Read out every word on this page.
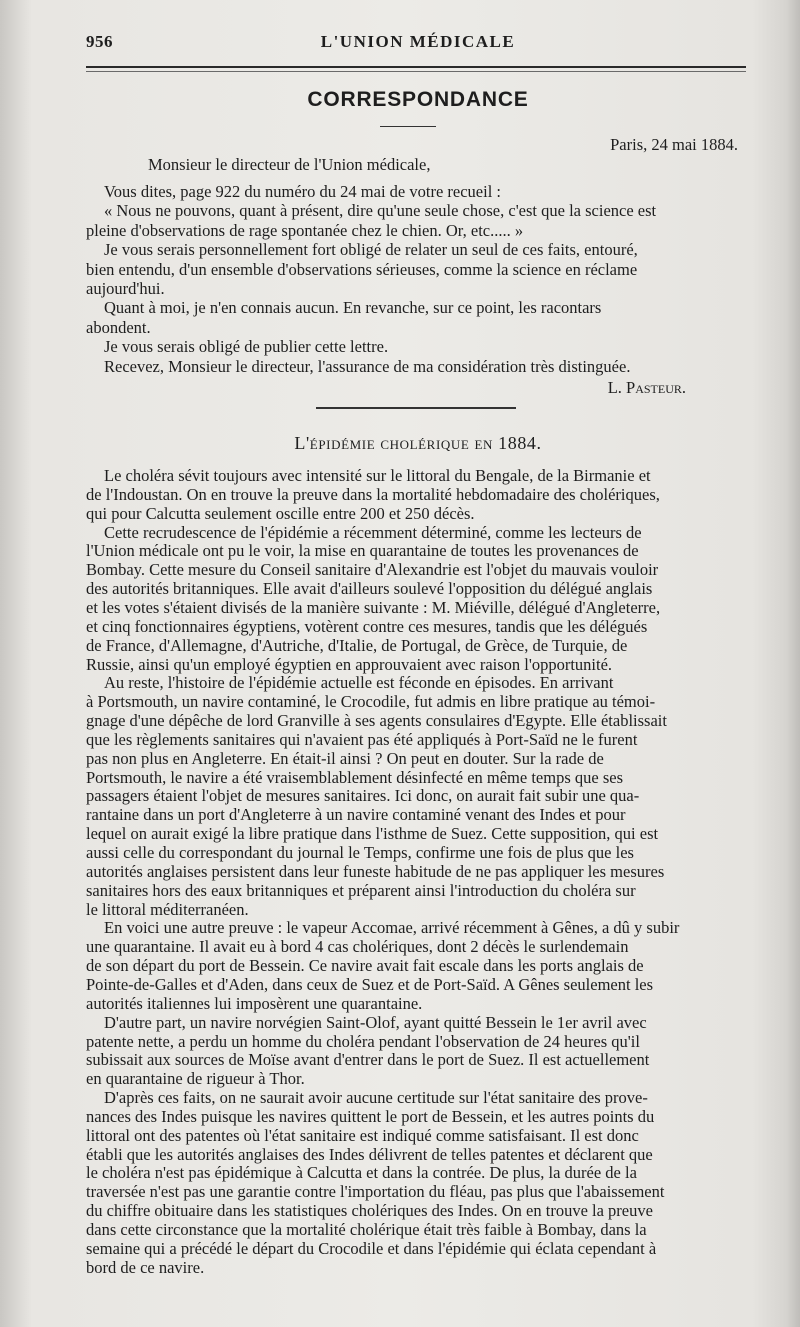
956	L'UNION MÉDICALE
CORRESPONDANCE
Paris, 24 mai 1884.
Monsieur le directeur de l'Union médicale,
Vous dites, page 922 du numéro du 24 mai de votre recueil :
« Nous ne pouvons, quant à présent, dire qu'une seule chose, c'est que la science est
pleine d'observations de rage spontanée chez le chien. Or, etc..... »
Je vous serais personnellement fort obligé de relater un seul de ces faits, entouré,
bien entendu, d'un ensemble d'observations sérieuses, comme la science en réclame
aujourd'hui.
Quant à moi, je n'en connais aucun. En revanche, sur ce point, les racontars
abondent.
Je vous serais obligé de publier cette lettre.
Recevez, Monsieur le directeur, l'assurance de ma considération très distinguée.
L. Pasteur.
L'épidémie cholérique en 1884.
Le choléra sévit toujours avec intensité sur le littoral du Bengale, de la Birmanie et
de l'Indoustan. On en trouve la preuve dans la mortalité hebdomadaire des cholériques,
qui pour Calcutta seulement oscille entre 200 et 250 décès.
Cette recrudescence de l'épidémie a récemment déterminé, comme les lecteurs de
l'Union médicale ont pu le voir, la mise en quarantaine de toutes les provenances de
Bombay. Cette mesure du Conseil sanitaire d'Alexandrie est l'objet du mauvais vouloir
des autorités britanniques. Elle avait d'ailleurs soulevé l'opposition du délégué anglais
et les votes s'étaient divisés de la manière suivante : M. Miéville, délégué d'Angleterre,
et cinq fonctionnaires égyptiens, votèrent contre ces mesures, tandis que les délégués
de France, d'Allemagne, d'Autriche, d'Italie, de Portugal, de Grèce, de Turquie, de
Russie, ainsi qu'un employé égyptien en approuvaient avec raison l'opportunité.
Au reste, l'histoire de l'épidémie actuelle est féconde en épisodes. En arrivant
à Portsmouth, un navire contaminé, le Crocodile, fut admis en libre pratique au témoi-
gnage d'une dépêche de lord Granville à ses agents consulaires d'Egypte. Elle établissait
que les règlements sanitaires qui n'avaient pas été appliqués à Port-Saïd ne le furent
pas non plus en Angleterre. En était-il ainsi ? On peut en douter. Sur la rade de
Portsmouth, le navire a été vraisemblablement désinfecté en même temps que ses
passagers étaient l'objet de mesures sanitaires. Ici donc, on aurait fait subir une qua-
rantaine dans un port d'Angleterre à un navire contaminé venant des Indes et pour
lequel on aurait exigé la libre pratique dans l'isthme de Suez. Cette supposition, qui est
aussi celle du correspondant du journal le Temps, confirme une fois de plus que les
autorités anglaises persistent dans leur funeste habitude de ne pas appliquer les mesures
sanitaires hors des eaux britanniques et préparent ainsi l'introduction du choléra sur
le littoral méditerranéen.
En voici une autre preuve : le vapeur Accomae, arrivé récemment à Gênes, a dû y subir
une quarantaine. Il avait eu à bord 4 cas cholériques, dont 2 décès le surlendemain
de son départ du port de Bessein. Ce navire avait fait escale dans les ports anglais de
Pointe-de-Galles et d'Aden, dans ceux de Suez et de Port-Saïd. A Gênes seulement les
autorités italiennes lui imposèrent une quarantaine.
D'autre part, un navire norvégien Saint-Olof, ayant quitté Bessein le 1er avril avec
patente nette, a perdu un homme du choléra pendant l'observation de 24 heures qu'il
subissait aux sources de Moïse avant d'entrer dans le port de Suez. Il est actuellement
en quarantaine de rigueur à Thor.
D'après ces faits, on ne saurait avoir aucune certitude sur l'état sanitaire des prove-
nances des Indes puisque les navires quittent le port de Bessein, et les autres points du
littoral ont des patentes où l'état sanitaire est indiqué comme satisfaisant. Il est donc
établi que les autorités anglaises des Indes délivrent de telles patentes et déclarent que
le choléra n'est pas épidémique à Calcutta et dans la contrée. De plus, la durée de la
traversée n'est pas une garantie contre l'importation du fléau, pas plus que l'abaissement
du chiffre obituaire dans les statistiques cholériques des Indes. On en trouve la preuve
dans cette circonstance que la mortalité cholérique était très faible à Bombay, dans la
semaine qui a précédé le départ du Crocodile et dans l'épidémie qui éclata cependant à
bord de ce navire.
